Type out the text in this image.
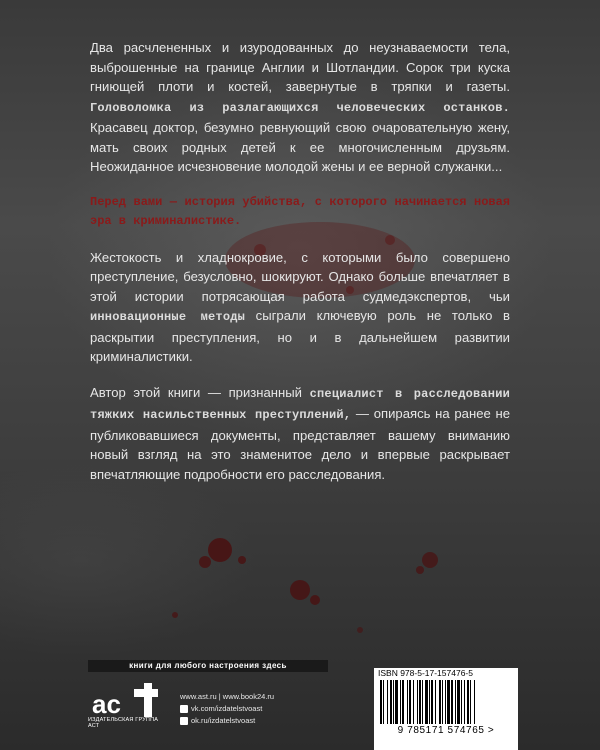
Два расчлененных и изуродованных до неузнаваемости тела, выброшенные на границе Англии и Шотландии. Сорок три куска гниющей плоти и костей, завернутые в тряпки и газеты. Головоломка из разлагающихся человеческих останков. Красавец доктор, безумно ревнующий свою очаровательную жену, мать своих родных детей к ее многочисленным друзьям. Неожиданное исчезновение молодой жены и ее верной служанки...

Перед вами — история убийства, с которого начинается новая эра в криминалистике.

Жестокость и хладнокровие, с которыми было совершено преступление, безусловно, шокируют. Однако больше впечатляет в этой истории потрясающая работа судмедэкспертов, чьи инновационные методы сыграли ключевую роль не только в раскрытии преступления, но и в дальнейшем развитии криминалистики.

Автор этой книги — признанный специалист в расследовании тяжких насильственных преступлений, — опираясь на ранее не публиковавшиеся документы, представляет вашему вниманию новый взгляд на это знаменитое дело и впервые раскрывает впечатляющие подробности его расследования.

книги для любого настроения здесь
ас
ИЗДАТЕЛЬСКАЯ ГРУППА АСТ
www.ast.ru | www.book24.ru
vk.com/izdatelstvoast
ok.ru/izdatelstvoast
ISBN 978-5-17-157476-5
9 785171 574765 >
